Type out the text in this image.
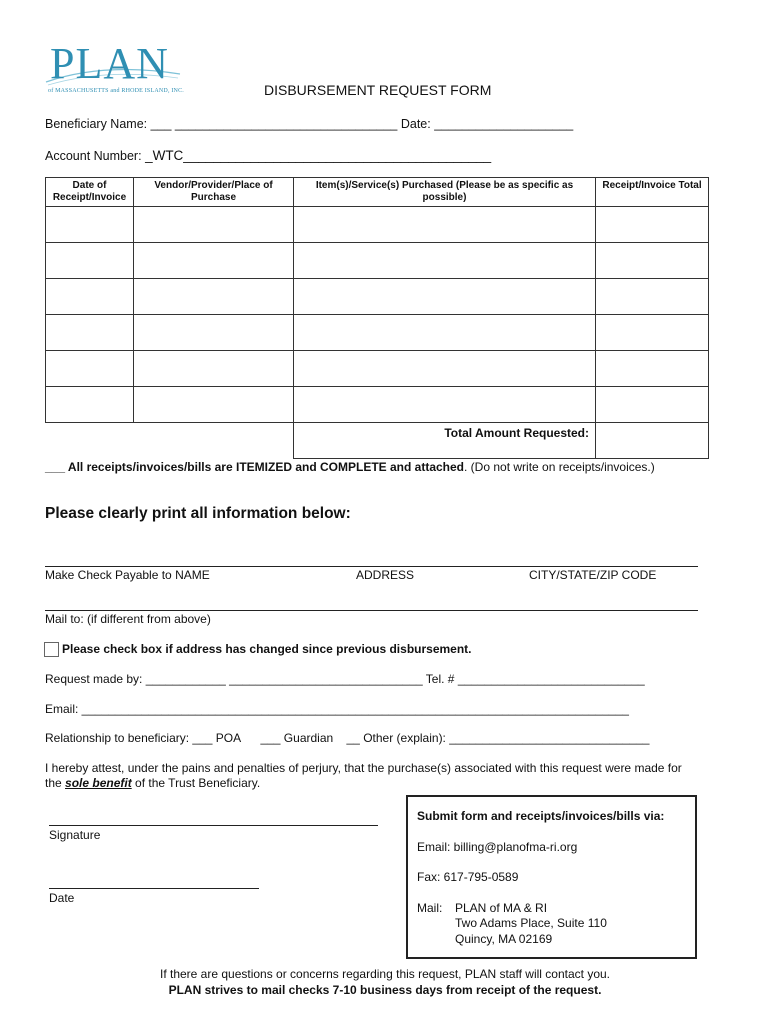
PLAN
of MASSACHUSETTS and RHODE ISLAND, INC.	DISBURSEMENT REQUEST FORM
Beneficiary Name: ___ ________________________________ Date: ____________________
Account Number: _WTC_________________________________________
Date of Receipt/Invoice	Vendor/Provider/Place of Purchase	Item(s)/Service(s) Purchased (Please be as specific as possible)	Receipt/Invoice Total

		Total Amount Requested:	
___ All receipts/invoices/bills are ITEMIZED and COMPLETE and attached. (Do not write on receipts/invoices.)
Please clearly print all information below:
Make Check Payable to NAME	ADDRESS	CITY/STATE/ZIP CODE
Mail to: (if different from above)
Please check box if address has changed since previous disbursement.
Request made by: ____________ _____________________________ Tel. # ____________________________
Email: __________________________________________________________________________________
Relationship to beneficiary: ___ POA      ___ Guardian    __ Other (explain): ______________________________
I hereby attest, under the pains and penalties of perjury, that the purchase(s) associated with this request were made for
the sole benefit of the Trust Beneficiary.
Signature
Date
Submit form and receipts/invoices/bills via:
Email: billing@planofma-ri.org
Fax: 617-795-0589
Mail: PLAN of MA & RI
Two Adams Place, Suite 110
Quincy, MA 02169
If there are questions or concerns regarding this request, PLAN staff will contact you.
PLAN strives to mail checks 7-10 business days from receipt of the request.
